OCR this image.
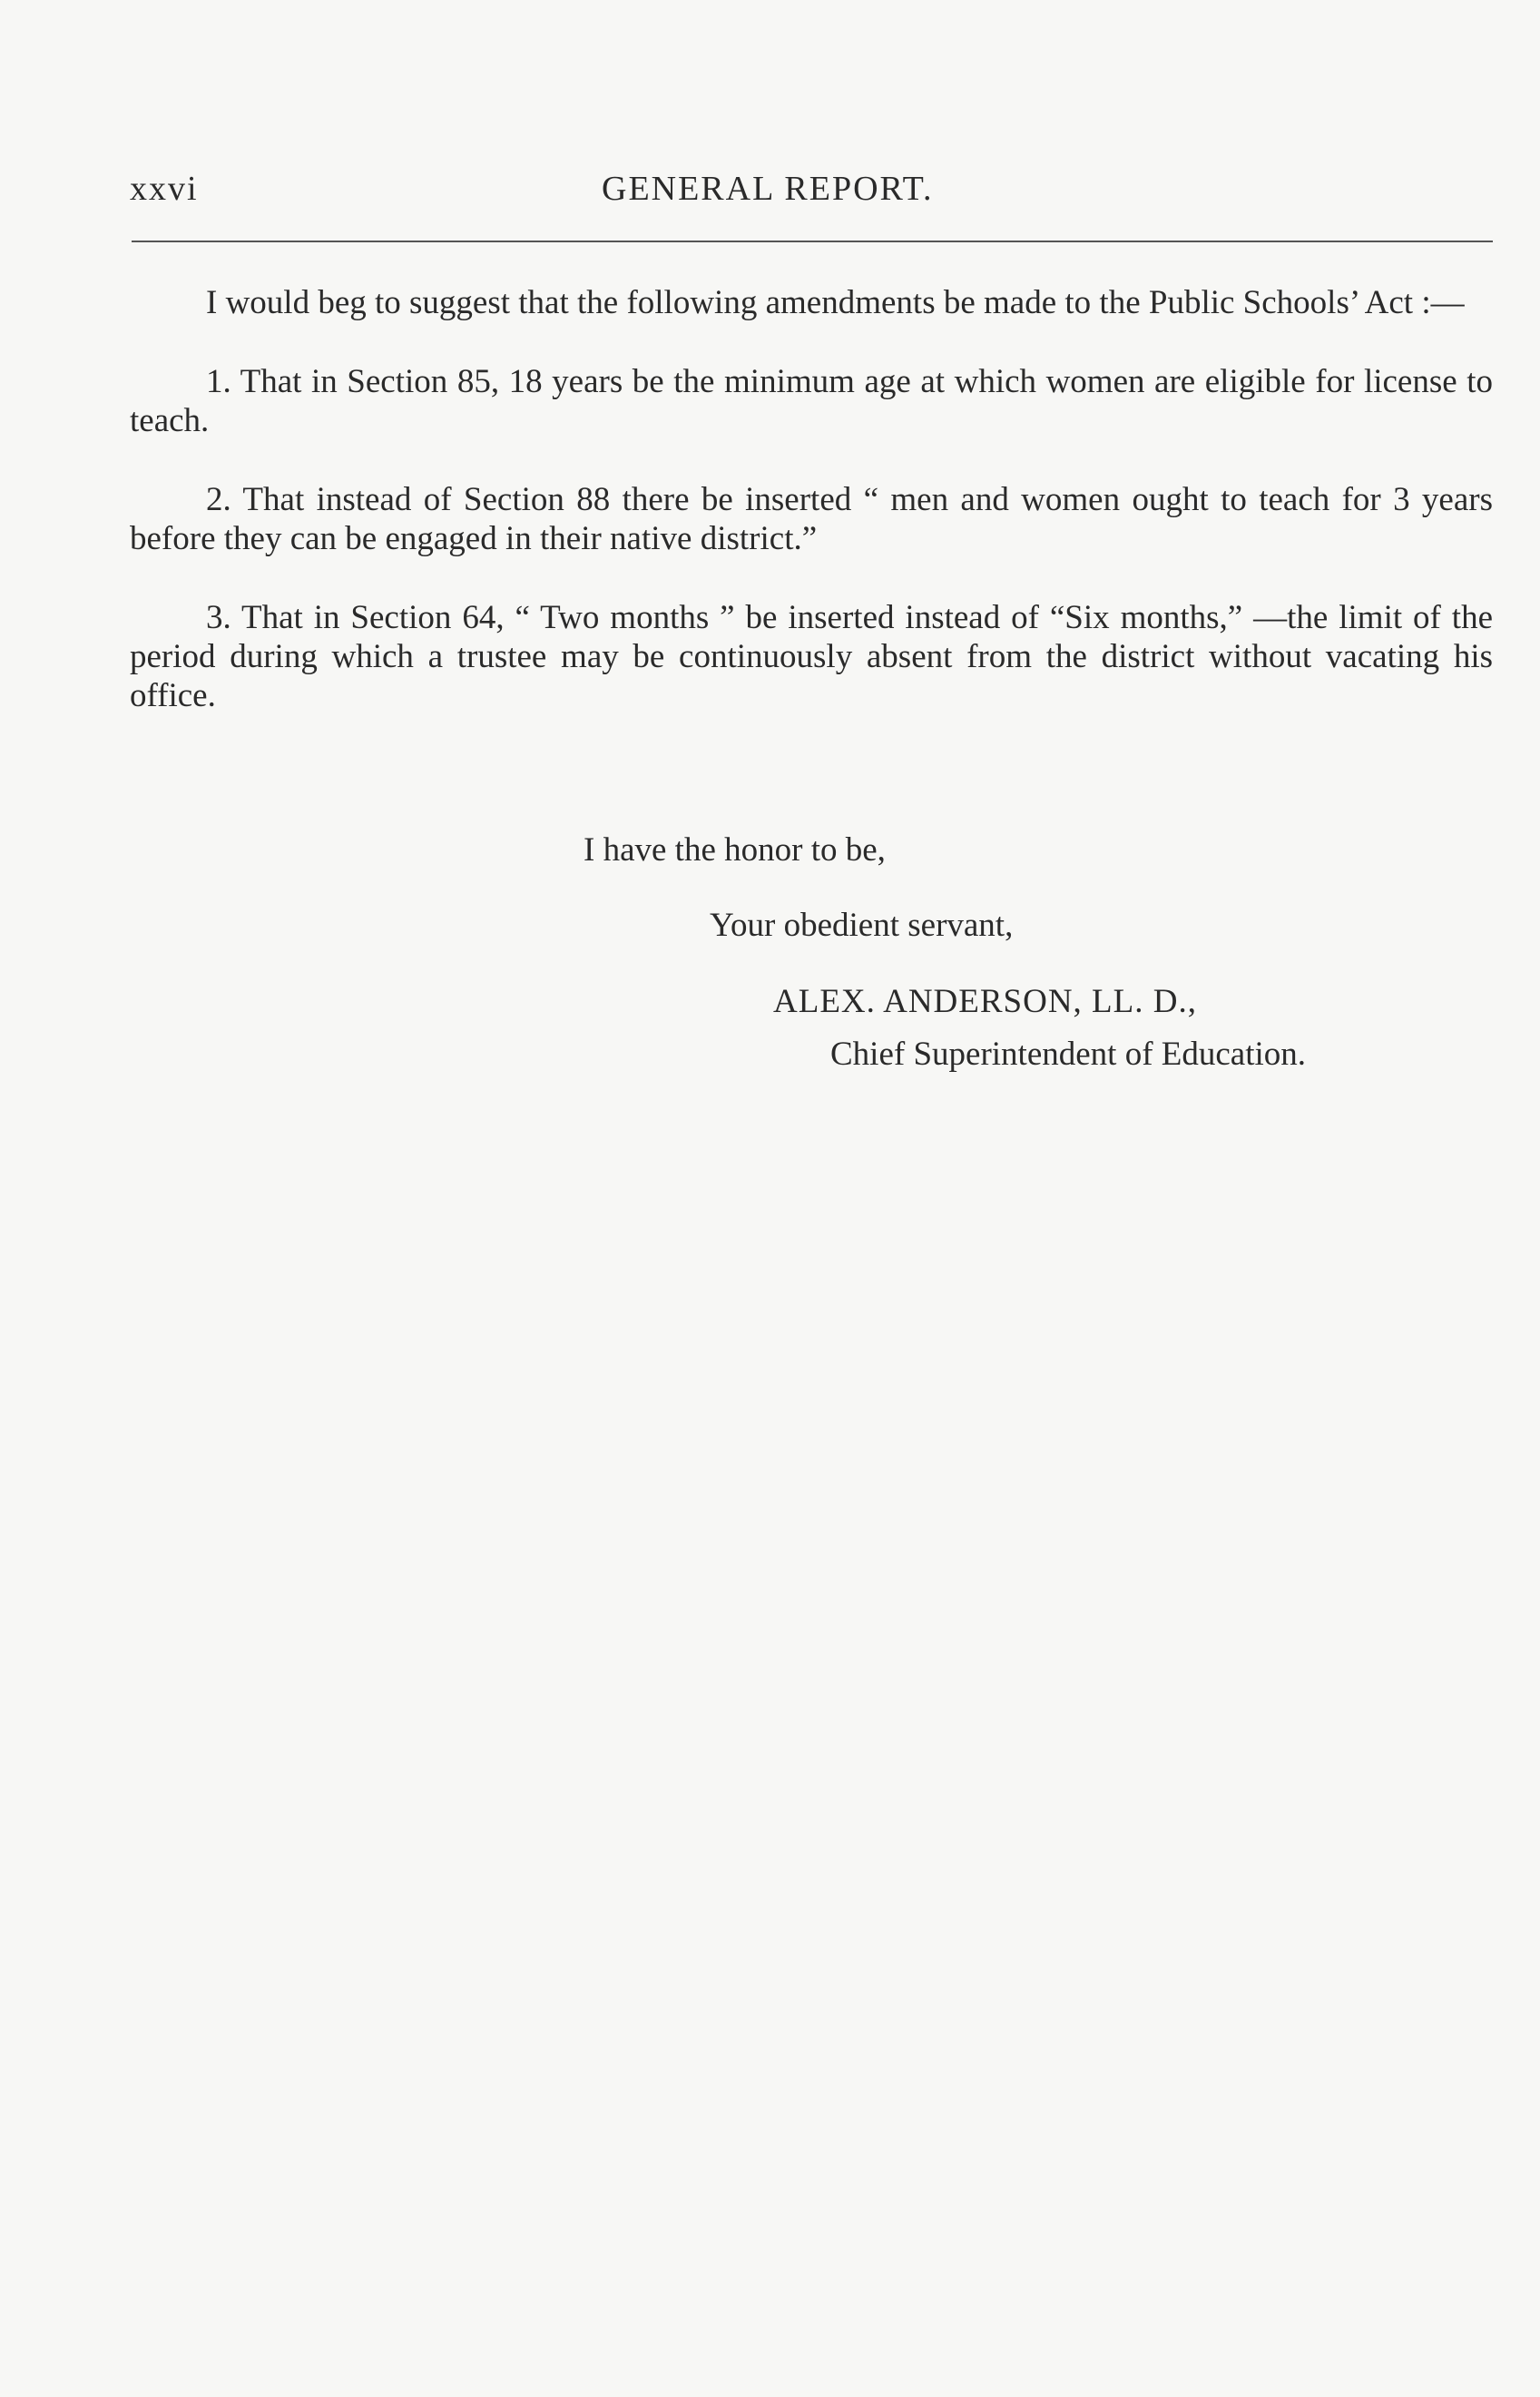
xxvi	GENERAL REPORT.

I would beg to suggest that the following amendments be made to the Public Schools’ Act :—

1. That in Section 85, 18 years be the minimum age at which women are eligible for license to teach.

2. That instead of Section 88 there be inserted “ men and women ought to teach for 3 years before they can be engaged in their native district.”

3. That in Section 64, “ Two months ” be inserted instead of “Six months,” —the limit of the period during which a trustee may be continuously absent from the district without vacating his office.

I have the honor to be,
Your obedient servant,
ALEX. ANDERSON, LL. D.,
Chief Superintendent of Education.
